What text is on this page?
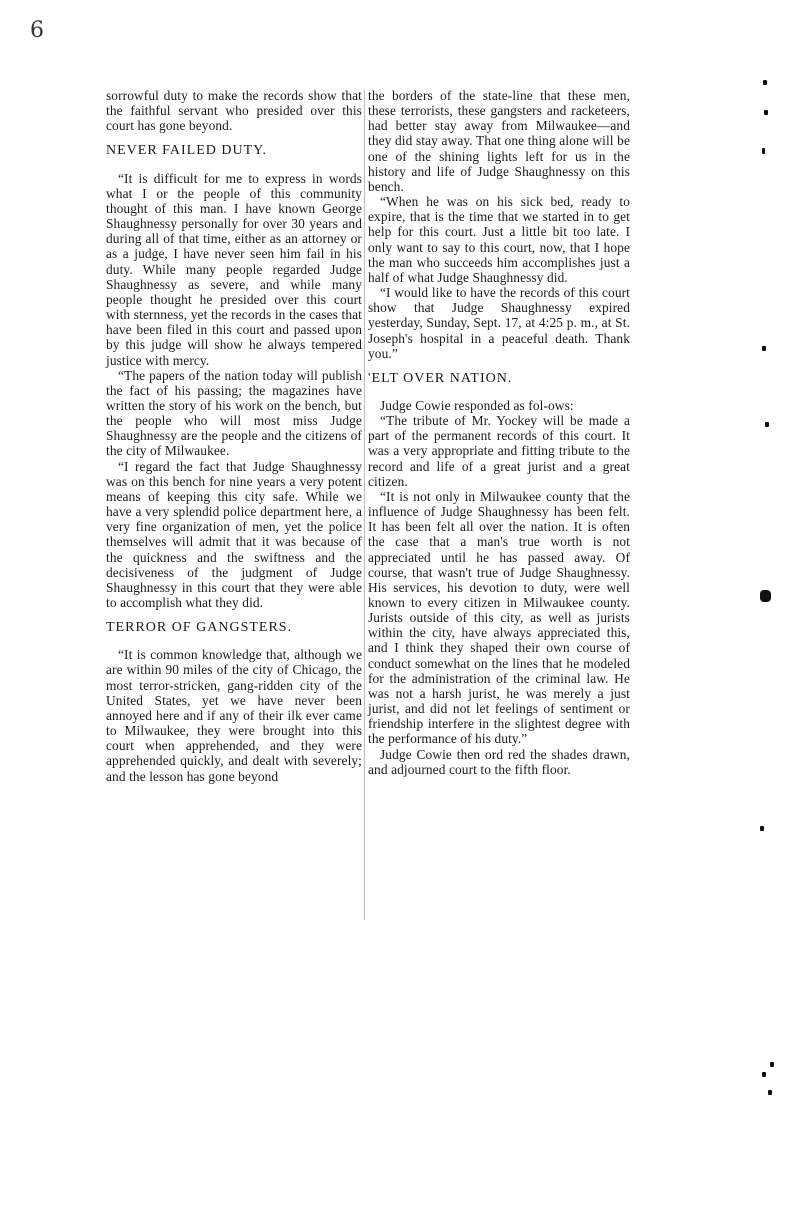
6

sorrowful duty to make the records show that the faithful servant who presided over this court has gone beyond.

NEVER FAILED DUTY.

“It is difficult for me to express in words what I or the people of this community thought of this man. I have known George Shaughnessy personally for over 30 years and during all of that time, either as an attorney or as a judge, I have never seen him fail in his duty. While many people regarded Judge Shaughnessy as severe, and while many people thought he presided over this court with sternness, yet the records in the cases that have been filed in this court and passed upon by this judge will show he always tempered justice with mercy.

“The papers of the nation today will publish the fact of his passing; the magazines have written the story of his work on the bench, but the people who will most miss Judge Shaughnessy are the people and the citizens of the city of Milwaukee.

“I regard the fact that Judge Shaughnessy was on this bench for nine years a very potent means of keeping this city safe. While we have a very splendid police department here, a very fine organization of men, yet the police themselves will admit that it was because of the quickness and the swiftness and the decisiveness of the judgment of Judge Shaughnessy in this court that they were able to accomplish what they did.

TERROR OF GANGSTERS.

“It is common knowledge that, although we are within 90 miles of the city of Chicago, the most terror-stricken, gang-ridden city of the United States, yet we have never been annoyed here and if any of their ilk ever came to Milwaukee, they were brought into this court when apprehended, and they were apprehended quickly, and dealt with severely; and the lesson has gone beyond

the borders of the state-line that these men, these terrorists, these gangsters and racketeers, had better stay away from Milwaukee—and they did stay away. That one thing alone will be one of the shining lights left for us in the history and life of Judge Shaughnessy on this bench.

“When he was on his sick bed, ready to expire, that is the time that we started in to get help for this court. Just a little bit too late. I only want to say to this court, now, that I hope the man who succeeds him accomplishes just a half of what Judge Shaughnessy did.

“I would like to have the records of this court show that Judge Shaughnessy expired yesterday, Sunday, Sept. 17, at 4:25 p. m., at St. Joseph's hospital in a peaceful death. Thank you.”

'ELT OVER NATION.

Judge Cowie responded as fol-ows:

“The tribute of Mr. Yockey will be made a part of the permanent records of this court. It was a very appropriate and fitting tribute to the record and life of a great jurist and a great citizen.

“It is not only in Milwaukee county that the influence of Judge Shaughnessy has been felt. It has been felt all over the nation. It is often the case that a man's true worth is not appreciated until he has passed away. Of course, that wasn't true of Judge Shaughnessy. His services, his devotion to duty, were well known to every citizen in Milwaukee county. Jurists outside of this city, as well as jurists within the city, have always appreciated this, and I think they shaped their own course of conduct somewhat on the lines that he modeled for the administration of the criminal law. He was not a harsh jurist, he was merely a just jurist, and did not let feelings of sentiment or friendship interfere in the slightest degree with the performance of his duty.”

Judge Cowie then ord red the shades drawn, and adjourned court to the fifth floor.
